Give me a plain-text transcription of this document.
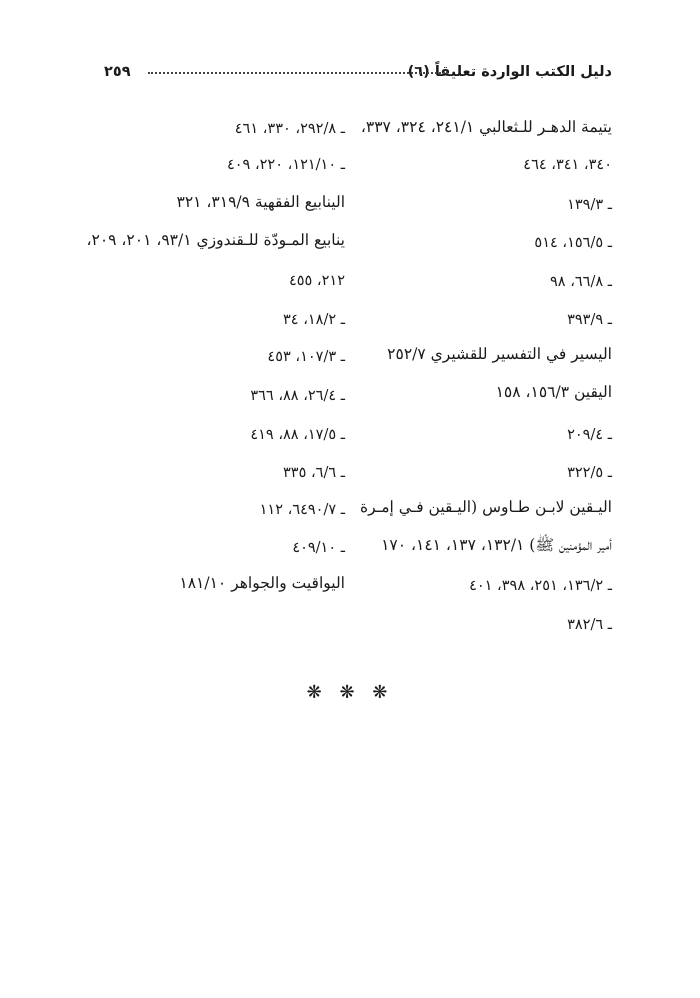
دليل الكتب الواردة تعليقاً (٦)
٢٥٩
يتيمة الدهـر للـثعالبي ٢٤١/١، ٣٢٤، ٣٣٧،
٣٤٠، ٣٤١، ٤٦٤
ـ ١٣٩/٣
ـ ١٥٦/٥، ٥١٤
ـ ٦٦/٨، ٩٨
ـ ٣٩٣/٩
اليسير في التفسير للقشيري ٢٥٢/٧
اليقين ١٥٦/٣، ١٥٨
ـ ٢٠٩/٤
ـ ٣٢٢/٥
اليـقين لابـن طـاوس (اليـقين فـي إمـرة
أمير المؤمنين ﷺ) ١٣٢/١، ١٣٧، ١٤١، ١٧٠
ـ ١٣٦/٢، ٢٥١، ٣٩٨، ٤٠١
ـ ٣٨٢/٦
ـ ٢٩٢/٨، ٣٣٠، ٤٦١
ـ ١٢١/١٠، ٢٢٠، ٤٠٩
الينابيع الفقهية ٣١٩/٩، ٣٢١
ينابيع المـودّة للـقندوزي ٩٣/١، ٢٠١، ٢٠٩،
٢١٢، ٤٥٥
ـ ١٨/٢، ٣٤
ـ ١٠٧/٣، ٤٥٣
ـ ٢٦/٤، ٨٨، ٣٦٦
ـ ١٧/٥، ٨٨، ٤١٩
ـ ٦/٦، ٣٣٥
ـ ٦٤٩٠/٧، ١١٢
ـ ٤٠٩/١٠
اليواقيت والجواهر ١٨١/١٠
❋ ❋ ❋
